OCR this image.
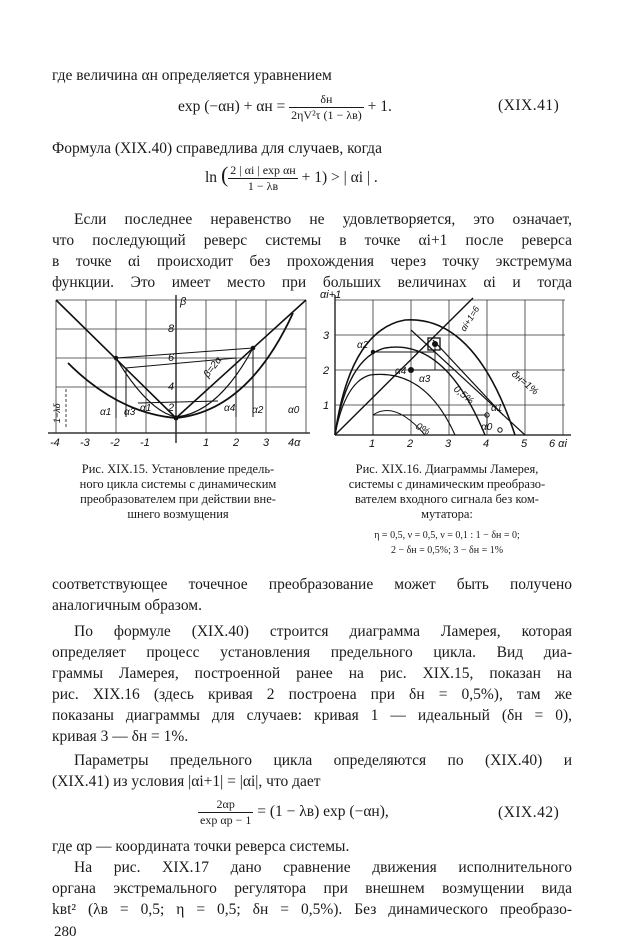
где величина αн определяется уравнением
$\exp (-\alpha н) + \alpha н = \frac{\delta н}{\text{2ηV²τ (1 − λв)}} + 1$.	(XIX.41)
Формула (XIX.40) справедлива для случаев, когда
ln ( $\frac{\text{2 | αi | exp αн}}{1 - \lambda в} + 1$) > | αi | .
Если последнее неравенство не удовлетворяется, это означает,
что последующий реверс системы в точке αi+1 после реверса
в точке αi происходит без прохождения через точку экстремума
функции. Это имеет место при больших величинах αi и тогда
β
8
6
4
2
-4 -3 -2 -1	1 2 3 4α
β=2α
1−λδ	α1 α3 α1	α4 α2 α0
αi+1
3
2
1
1	2	3	4	5 6 αi
αi+1=6
α2
α4
α3
0,5%	δн=1%
α1
α0
0%
Рис. XIX.15. Установление предель-
ного цикла системы с динамическим
преобразователем при действии вне-
шнего возмущения
Рис. XIX.16. Диаграммы Ламерея,
системы с динамическим преобразо-
вателем входного сигнала без ком-
мутатора:
η = 0,5, ν = 0,5, ν = 0,1 : 1 − δн = 0;
2 − δн = 0,5%; 3 − δн = 1%
соответствующее точечное преобразование может быть получено
аналогичным образом.
По формуле (XIX.40) строится диаграмма Ламерея, которая
определяет процесс установления предельного цикла. Вид диа-
граммы Ламерея, построенной ранее на рис. XIX.15, показан на
рис. XIX.16 (здесь кривая 2 построена при δн = 0,5%), там же
показаны диаграммы для случаев: кривая 1 — идеальный (δн = 0),
кривая 3 — δн = 1%.
Параметры предельного цикла определяются по (XIX.40) и
(XIX.41) из условия |αi+1| = |αi|, что дает
$\frac{2\alpha p}{\text{exp αp − 1}} = (1 - \lambda в)$ exp (−αн),	(XIX.42)
где αp — координата точки реверса системы.
На рис. XIX.17 дано сравнение движения исполнительного
органа экстремального регулятора при внешнем возмущении вида
kвt² (λв = 0,5; η = 0,5; δн = 0,5%). Без динамического преобразо-
280
